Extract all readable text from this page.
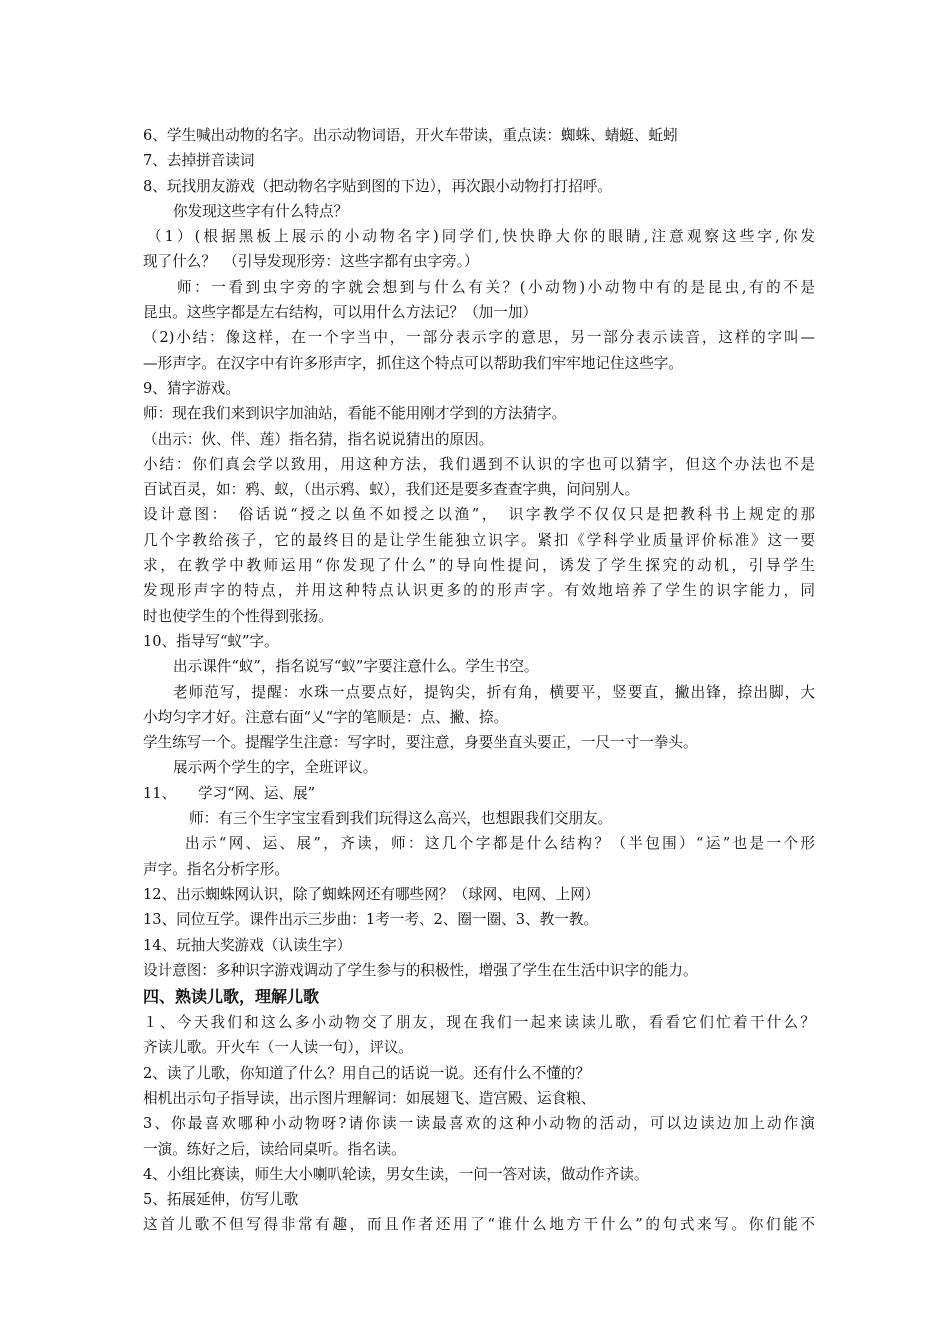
6、学生喊出动物的名字。出示动物词语，开火车带读，重点读：蜘蛛、蜻蜓、蚯蚓
7、去掉拼音读词
8、玩找朋友游戏（把动物名字贴到图的下边），再次跟小动物打打招呼。
你发现这些字有什么特点？
（1）(根据黑板上展示的小动物名字)同学们,快快睁大你的眼睛,注意观察这些字,你发
现了什么？　（引导发现形旁：这些字都有虫字旁。）
师：一看到虫字旁的字就会想到与什么有关？(小动物)小动物中有的是昆虫,有的不是
昆虫。这些字都是左右结构，可以用什么方法记？（加一加）
（2)小结：像这样，在一个字当中，一部分表示字的意思，另一部分表示读音，这样的字叫—
—形声字。在汉字中有许多形声字，抓住这个特点可以帮助我们牢牢地记住这些字。
9、猜字游戏。
师：现在我们来到识字加油站，看能不能用刚才学到的方法猜字。
（出示：伙、伴、莲）指名猜，指名说说猜出的原因。
小结：你们真会学以致用，用这种方法，我们遇到不认识的字也可以猜字，但这个办法也不是
百试百灵，如：鸦、蚁，（出示鸦、蚁），我们还是要多查查字典，问问别人。
设计意图：　俗话说“授之以鱼不如授之以渔”，　识字教学不仅仅只是把教科书上规定的那
几个字教给孩子，它的最终目的是让学生能独立识字。紧扣《学科学业质量评价标准》这一要
求，在教学中教师运用“你发现了什么”的导向性提问，诱发了学生探究的动机，引导学生
发现形声字的特点，并用这种特点认识更多的的形声字。有效地培养了学生的识字能力，同
时也使学生的个性得到张扬。
10、指导写“蚁”字。
出示课件“蚁”，指名说写“蚁”字要注意什么。学生书空。
老师范写，提醒：水珠一点要点好，提钩尖，折有角，横要平，竖要直，撇出锋，捺出脚，大
小均匀字才好。注意右面“乂“字的笔顺是：点、撇、捺。
学生练写一个。提醒学生注意：写字时，要注意，身要坐直头要正，一尺一寸一拳头。
展示两个学生的字，全班评议。
11、　　学习“网、运、展”
师：有三个生字宝宝看到我们玩得这么高兴，也想跟我们交朋友。
出示“网、运、展”，齐读，师：这几个字都是什么结构？（半包围）“运”也是一个形
声字。指名分析字形。
12、出示蜘蛛网认识，除了蜘蛛网还有哪些网？（球网、电网、上网）
13、同位互学。课件出示三步曲：1考一考、2、圈一圈、3、教一教。
14、玩抽大奖游戏（认读生字）
设计意图：多种识字游戏调动了学生参与的积极性，增强了学生在生活中识字的能力。
四、熟读儿歌，理解儿歌
１、今天我们和这么多小动物交了朋友，现在我们一起来读读儿歌，看看它们忙着干什么？
齐读儿歌。开火车（一人读一句），评议。
2、读了儿歌，你知道了什么？用自己的话说一说。还有什么不懂的？
相机出示句子指导读，出示图片理解词：如展翅飞、造宫殿、运食粮、
3、你最喜欢哪种小动物呀?请你读一读最喜欢的这种小动物的活动，可以边读边加上动作演
一演。练好之后，读给同桌听。指名读。
4、小组比赛读，师生大小喇叭轮读，男女生读，一问一答对读，做动作齐读。
5、拓展延伸，仿写儿歌
这首儿歌不但写得非常有趣，而且作者还用了“谁什么地方干什么”的句式来写。你们能不
